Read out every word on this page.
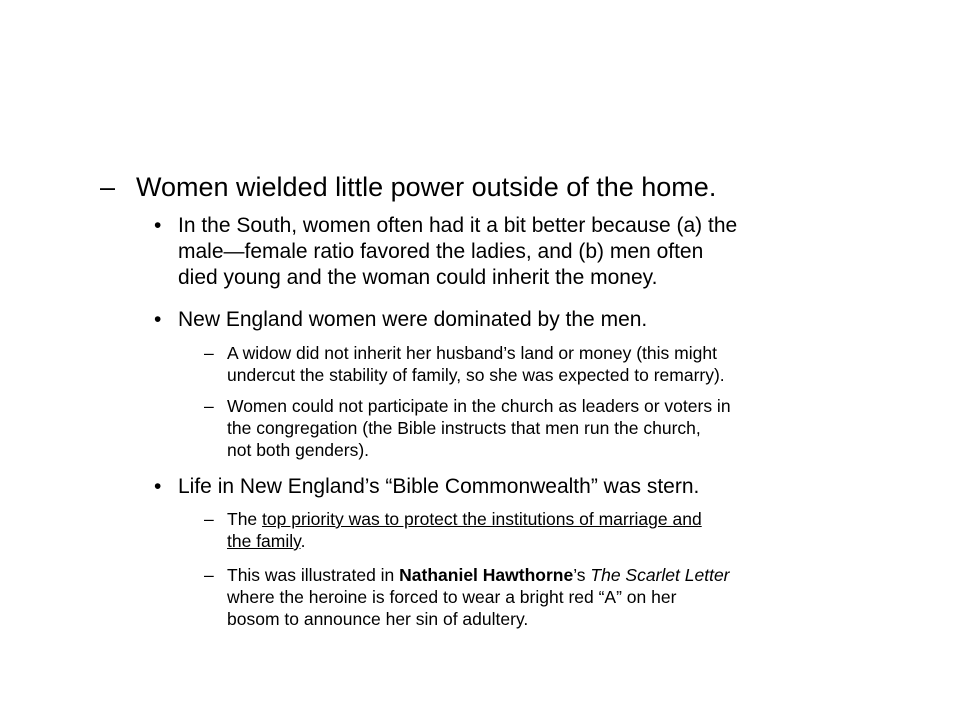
– Women wielded little power outside of the home.
• In the South, women often had it a bit better because (a) the
male—female ratio favored the ladies, and (b) men often
died young and the woman could inherit the money.
• New England women were dominated by the men.
– A widow did not inherit her husband’s land or money (this might
undercut the stability of family, so she was expected to remarry).
– Women could not participate in the church as leaders or voters in
the congregation (the Bible instructs that men run the church,
not both genders).
• Life in New England’s “Bible Commonwealth” was stern.
– The top priority was to protect the institutions of marriage and
the family.
– This was illustrated in Nathaniel Hawthorne’s The Scarlet Letter
where the heroine is forced to wear a bright red “A” on her
bosom to announce her sin of adultery.
